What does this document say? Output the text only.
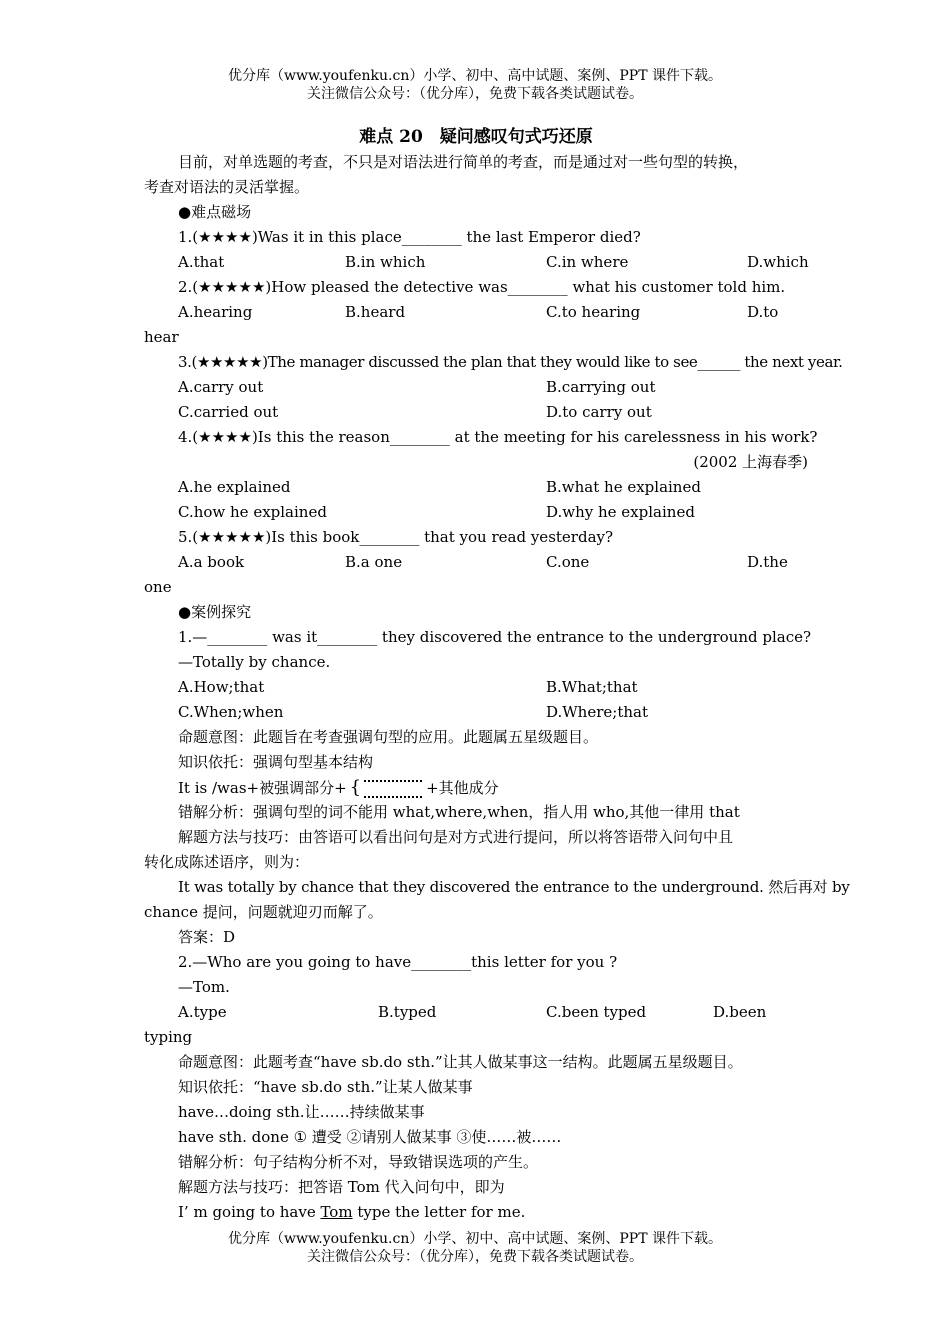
优分库（www.youfenku.cn）小学、初中、高中试题、案例、PPT 课件下载。
关注微信公众号：（优分库），免费下载各类试题试卷。
难点 20　疑问感叹句式巧还原
目前，对单选题的考查，不只是对语法进行简单的考查，而是通过对一些句型的转换，
考查对语法的灵活掌握。
●难点磁场
1.(★★★★)Was it in this place________ the last Emperor died?
A.that	B.in which	C.in where	D.which
2.(★★★★★)How pleased the detective was________ what his customer told him.
A.hearing	B.heard	C.to hearing	D.to
hear
3.(★★★★★)The manager discussed the plan that they would like to see______ the next year.
A.carry out	B.carrying out
C.carried out	D.to carry out
4.(★★★★)Is this the reason________ at the meeting for his carelessness in his work?
(2002 上海春季)
A.he explained	B.what he explained
C.how he explained	D.why he explained
5.(★★★★★)Is this book________ that you read yesterday?
A.a book	B.a one	C.one	D.the
one
●案例探究
1.—________ was it________ they discovered the entrance to the underground place?
—Totally by chance.
A.How;that	B.What;that
C.When;when	D.Where;that
命题意图：此题旨在考查强调句型的应用。此题属五星级题目。
知识依托：强调句型基本结构
It is /was+被强调部分+ {	+其他成分
错解分析：强调句型的词不能用 what,where,when，指人用 who,其他一律用 that
解题方法与技巧：由答语可以看出问句是对方式进行提问，所以将答语带入问句中且
转化成陈述语序，则为：
It was totally by chance that they discovered the entrance to the underground. 然后再对 by
chance 提问，问题就迎刃而解了。
答案：D
2.—Who are you going to have________this letter for you ?
—Tom.
A.type	B.typed	C.been typed	D.been
typing
命题意图：此题考查“have sb.do sth.”让其人做某事这一结构。此题属五星级题目。
知识依托：“have sb.do sth.”让某人做某事
have…doing sth.让……持续做某事
have sth. done ① 遭受 ②请别人做某事 ③使……被……
错解分析：句子结构分析不对，导致错误选项的产生。
解题方法与技巧：把答语 Tom 代入问句中，即为
I’ m going to have Tom type the letter for me.
优分库（www.youfenku.cn）小学、初中、高中试题、案例、PPT 课件下载。
关注微信公众号：（优分库），免费下载各类试题试卷。
